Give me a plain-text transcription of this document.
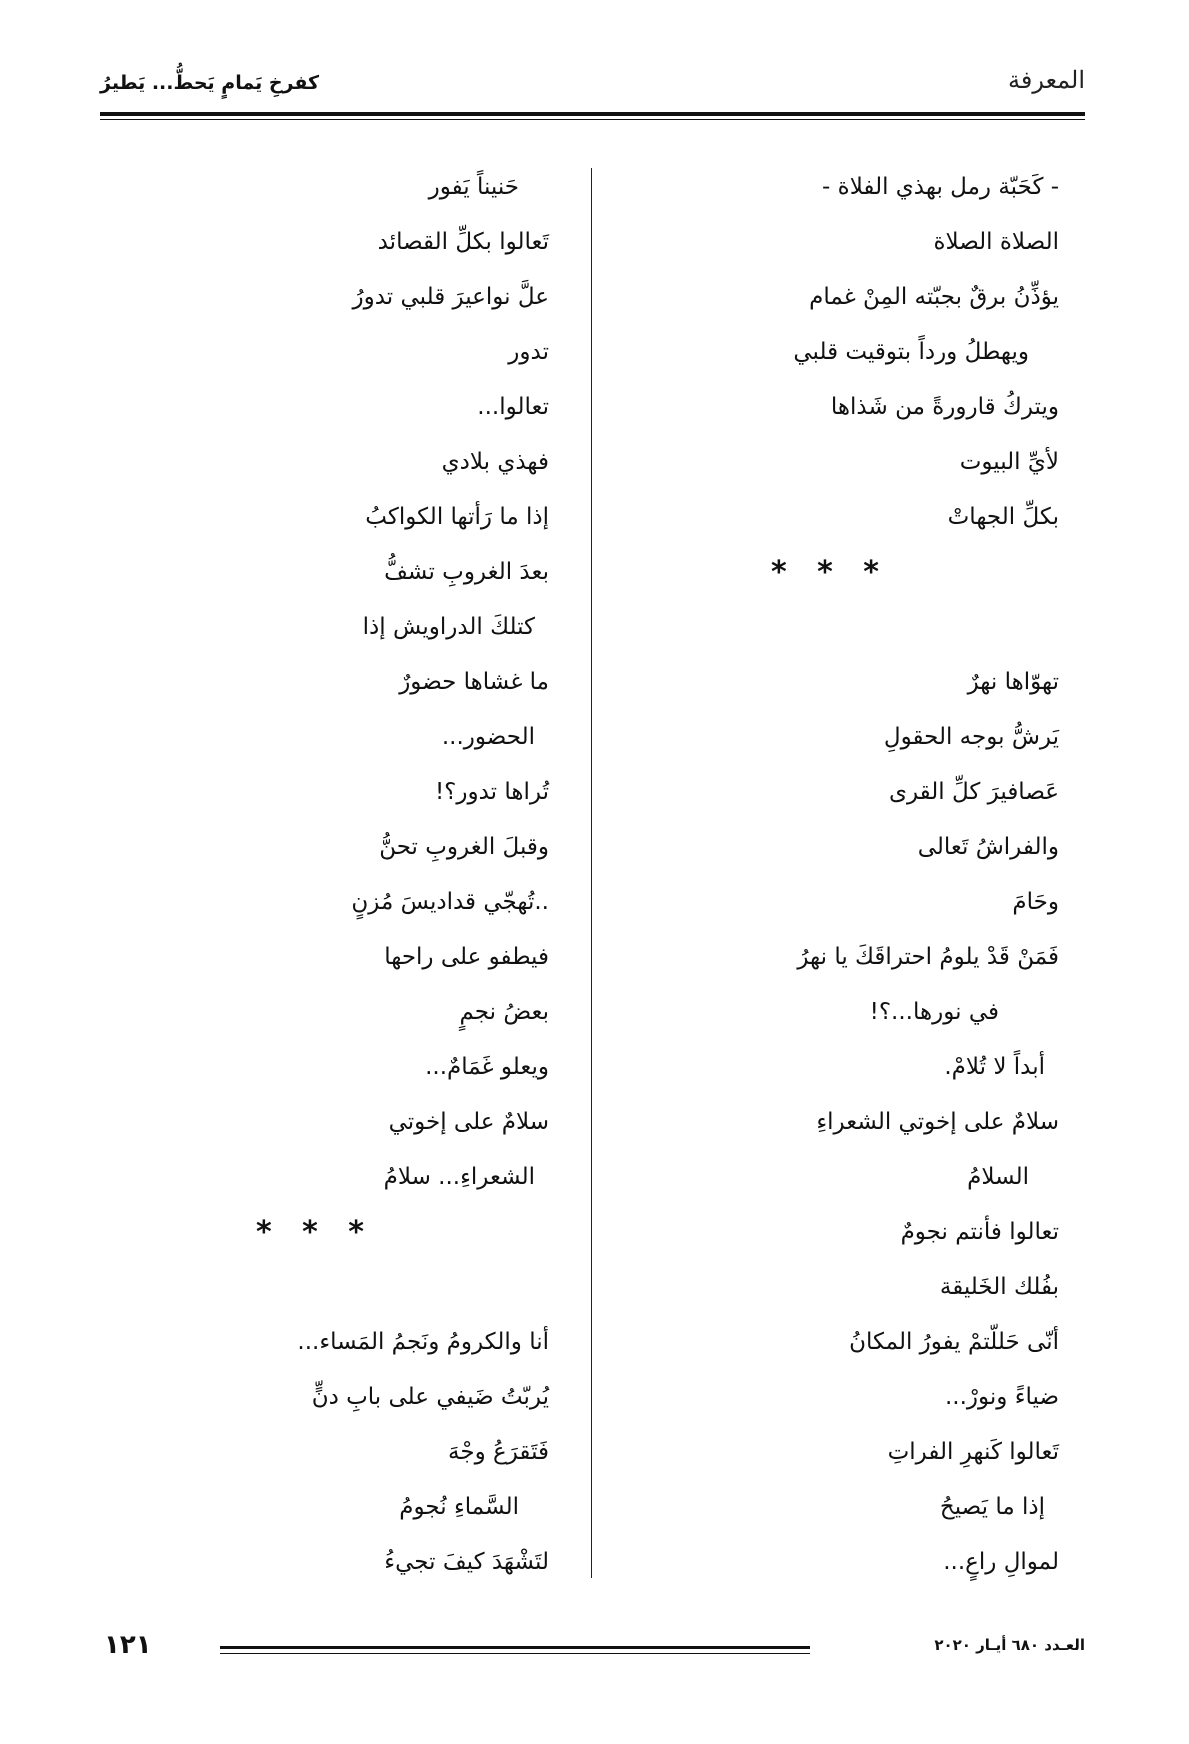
كفرخِ يَمامٍ يَحطُّ... يَطيرُ	المعرفة
- كَحَبّة رمل بهذي الفلاة -
الصلاة الصلاة
يؤذِّنُ برقٌ بجبّته المِنْ غمام
ويهطلُ ورداً بتوقيت قلبي
ويتركُ قارورةً من شَذاها
لأيِّ البيوت
بكلِّ الجهاتْ
* * *
تهوّاها نهرٌ
يَرشُّ بوجه الحقولِ
عَصافيرَ كلِّ القرى
والفراشُ تَعالى
وحَامَ
فَمَنْ قَدْ يلومُ احتراقَكَ يا نهرُ
في نورها...؟!
أبداً لا تُلامْ.
سلامٌ على إخوتي الشعراءِ
السلامُ
تعالوا فأنتم نجومٌ
بفُلك الخَليقة
أنّى حَللّتمْ يفورُ المكانُ
ضياءً ونورْ...
تَعالوا كَنهرِ الفراتِ
إذا ما يَصيحُ
لموالِ راعٍ...
حَنيناً يَفور
تَعالوا بكلِّ القصائد
علَّ نواعيرَ قلبي تدورُ
تدور
تعالوا...
فهذي بلادي
إذا ما رَأتها الكواكبُ
بعدَ الغروبِ تشفُّ
كتلكَ الدراويش إذا
ما غشاها حضورٌ
الحضور...
تُراها تدور؟!
وقبلَ الغروبِ تحنُّ
..تُهجّي قداديسَ مُزنٍ
فيطفو على راحها
بعضُ نجمٍ
ويعلو غَمَامٌ...
سلامٌ على إخوتي
الشعراءِ... سلامُ
* * *
أنا والكرومُ ونَجمُ المَساء...
يُربّتُ ضَيفي على بابِ دنٍّ
فَتَقرَعُ وجْهَ
السَّماءِ نُجومُ
لتَشْهَدَ كيفَ تجيءُ
١٢١	العـدد ٦٨٠ أيـار ٢٠٢٠
